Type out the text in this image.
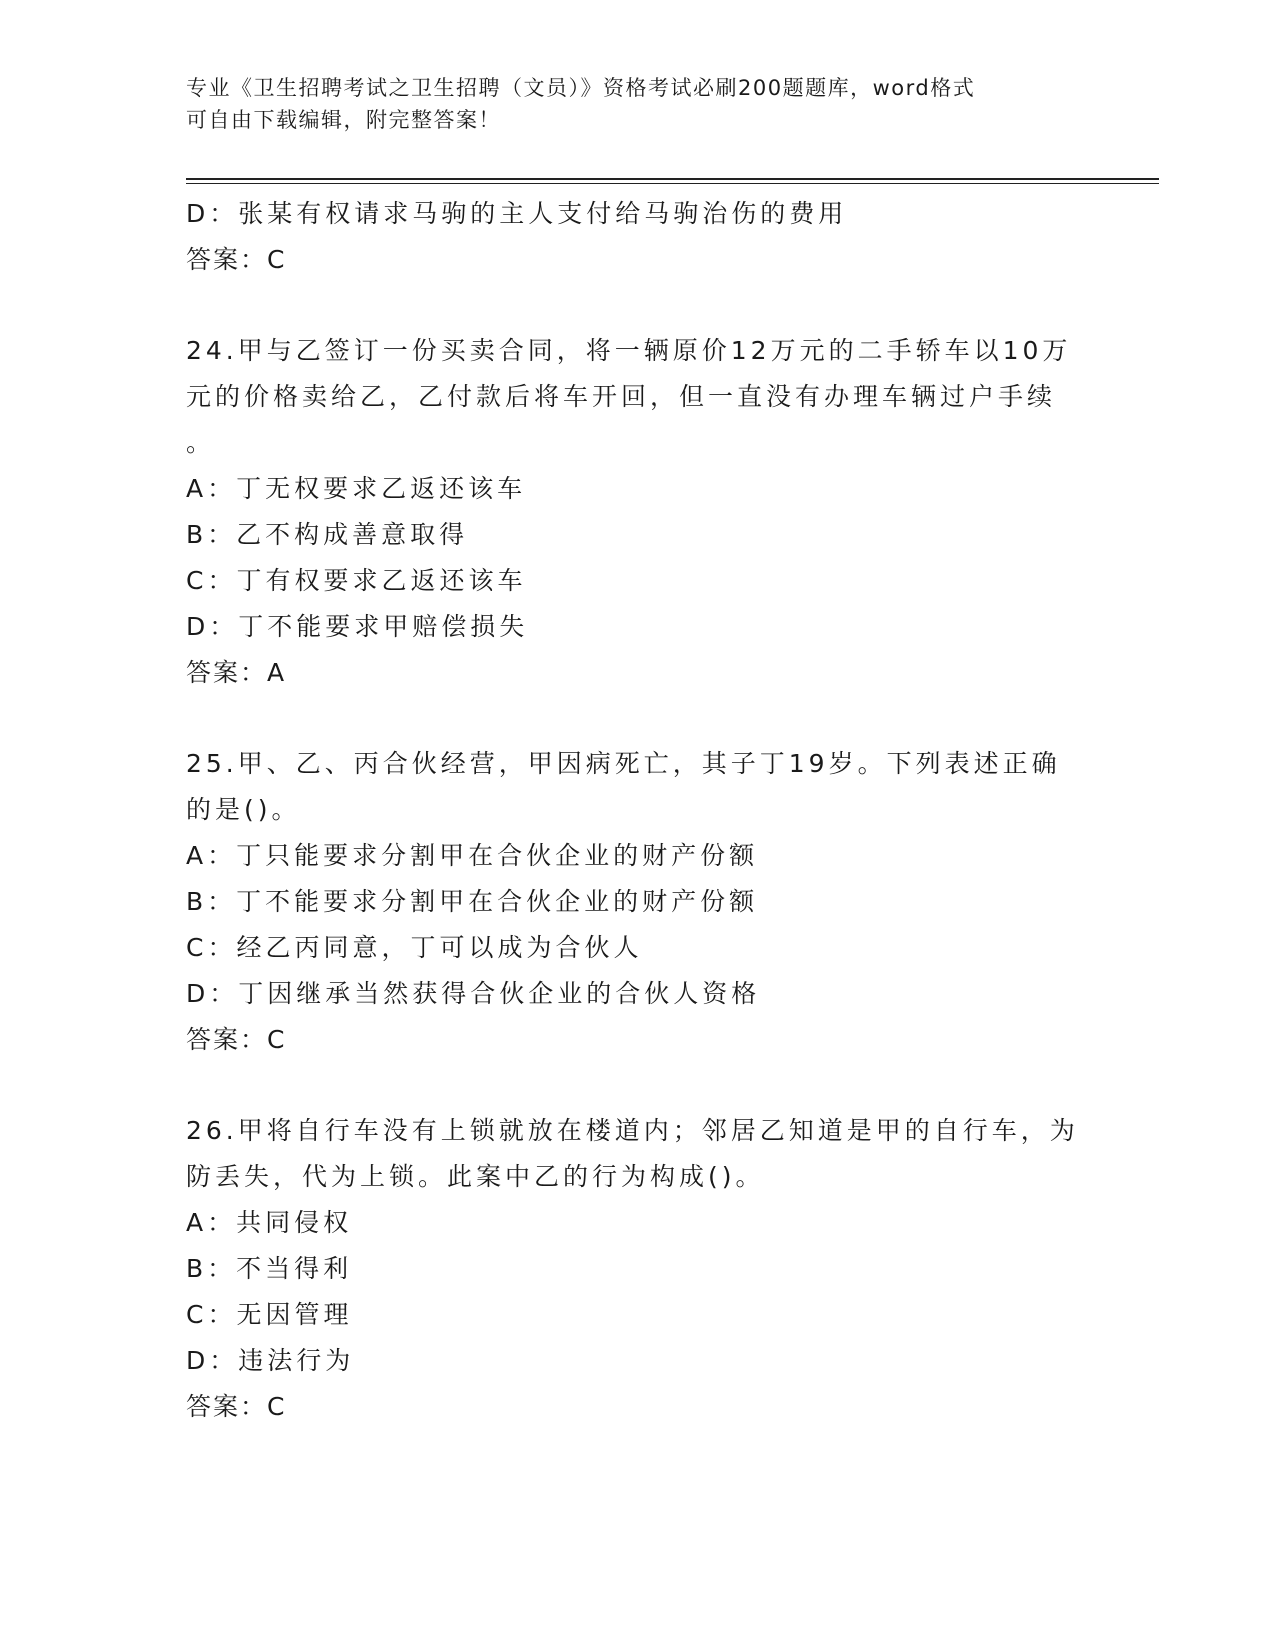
专业《卫生招聘考试之卫生招聘（文员）》资格考试必刷200题题库，word格式
可自由下载编辑，附完整答案！
D：张某有权请求马驹的主人支付给马驹治伤的费用
答案：C
24.甲与乙签订一份买卖合同，将一辆原价12万元的二手轿车以10万
元的价格卖给乙，乙付款后将车开回，但一直没有办理车辆过户手续
。
A：丁无权要求乙返还该车
B：乙不构成善意取得
C：丁有权要求乙返还该车
D：丁不能要求甲赔偿损失
答案：A
25.甲、乙、丙合伙经营，甲因病死亡，其子丁19岁。下列表述正确
的是()。
A：丁只能要求分割甲在合伙企业的财产份额
B：丁不能要求分割甲在合伙企业的财产份额
C：经乙丙同意，丁可以成为合伙人
D：丁因继承当然获得合伙企业的合伙人资格
答案：C
26.甲将自行车没有上锁就放在楼道内；邻居乙知道是甲的自行车，为
防丢失，代为上锁。此案中乙的行为构成()。
A：共同侵权
B：不当得利
C：无因管理
D：违法行为
答案：C
